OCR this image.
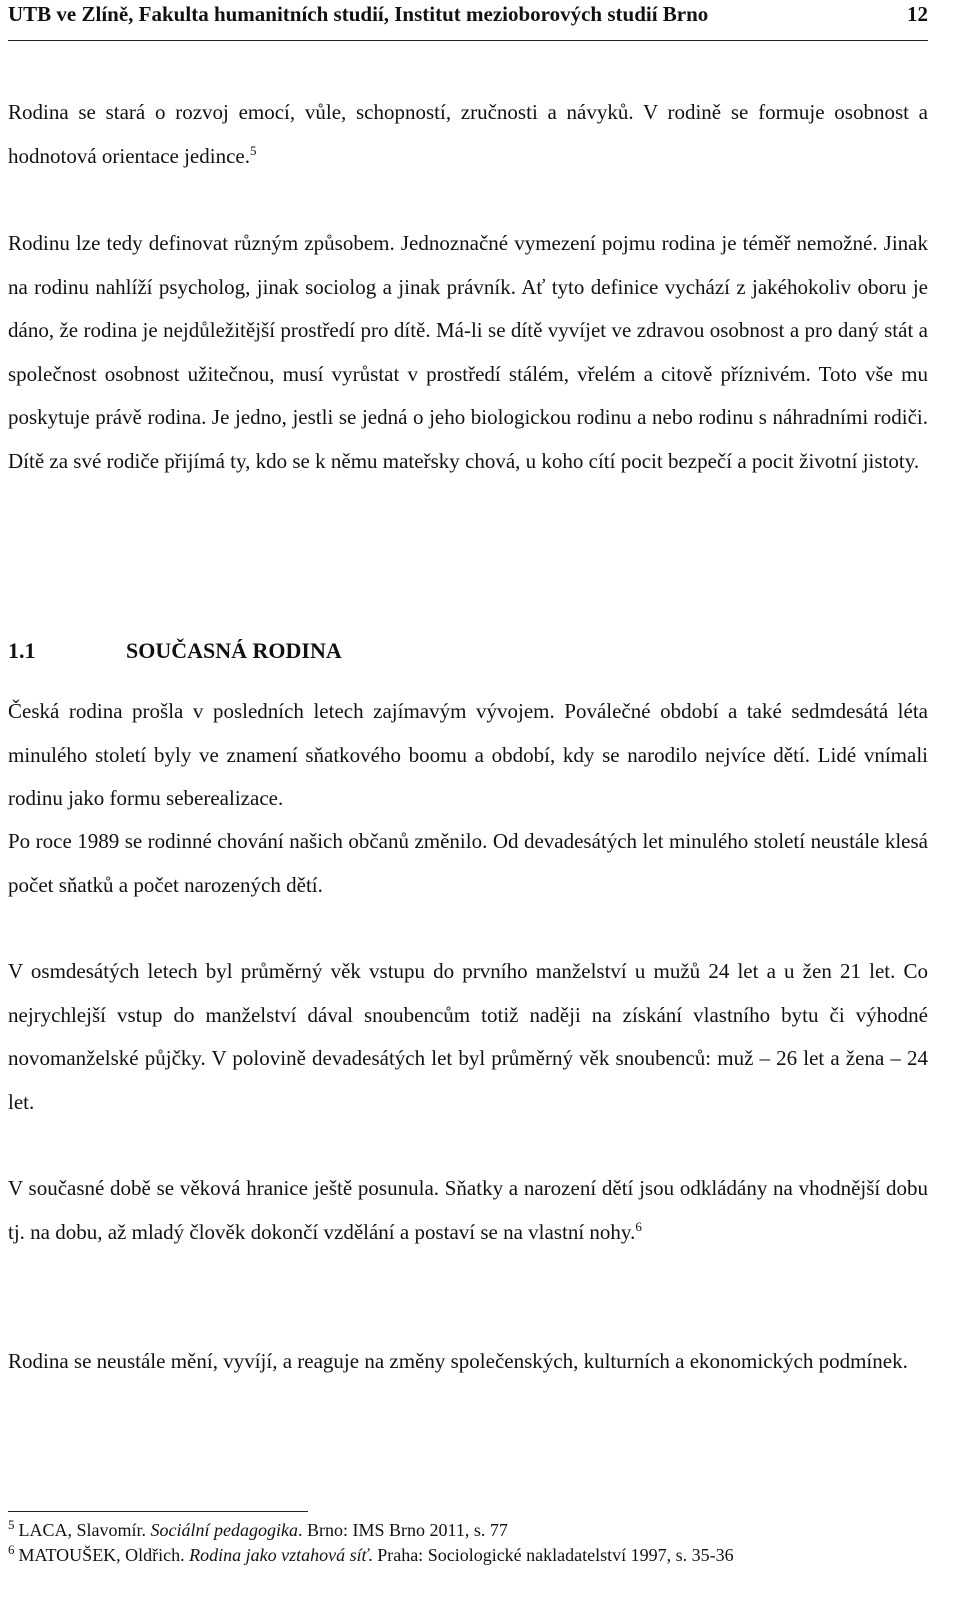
UTB ve Zlíně, Fakulta humanitních studií, Institut mezioborových studií Brno	12

Rodina se stará o rozvoj emocí, vůle, schopností, zručnosti a návyků. V rodině se formuje osobnost a hodnotová orientace jedince.$^5$

Rodinu lze tedy definovat různým způsobem. Jednoznačné vymezení pojmu rodina je téměř nemožné. Jinak na rodinu nahlíží psycholog, jinak sociolog a jinak právník. Ať tyto definice vychází z jakéhokoliv oboru je dáno, že rodina je nejdůležitější prostředí pro dítě. Má-li se dítě vyvíjet ve zdravou osobnost a pro daný stát a společnost osobnost užitečnou, musí vyrůstat v prostředí stálém, vřelém a citově příznivém. Toto vše mu poskytuje právě rodina. Je jedno, jestli se jedná o jeho biologickou rodinu a nebo rodinu s náhradními rodiči. Dítě za své rodiče přijímá ty, kdo se k němu mateřsky chová, u koho cítí pocit bezpečí a pocit životní jistoty.

1.1	SOUČASNÁ RODINA

Česká rodina prošla v posledních letech zajímavým vývojem. Poválečné období a také sedmdesátá léta minulého století byly ve znamení sňatkového boomu a období, kdy se narodilo nejvíce dětí. Lidé vnímali rodinu jako formu seberealizace.

Po roce 1989 se rodinné chování našich občanů změnilo. Od devadesátých let minulého století neustále klesá počet sňatků a počet narozených dětí.

V osmdesátých letech byl průměrný věk vstupu do prvního manželství u mužů 24 let a u žen 21 let. Co nejrychlejší vstup do manželství dával snoubencům totiž naději na získání vlastního bytu či výhodné novomanželské půjčky. V polovině devadesátých let byl průměrný věk snoubenců: muž – 26 let a žena – 24 let.

V současné době se věková hranice ještě posunula. Sňatky a narození dětí jsou odkládány na vhodnější dobu tj. na dobu, až mladý člověk dokončí vzdělání a postaví se na vlastní nohy.$^6$

Rodina se neustále mění, vyvíjí, a reaguje na změny společenských, kulturních a ekonomických podmínek.

$^5$ LACA, Slavomír. Sociální pedagogika. Brno: IMS Brno 2011, s. 77
$^6$ MATOUŠEK, Oldřich. Rodina jako vztahová síť. Praha: Sociologické nakladatelství 1997, s. 35-36
